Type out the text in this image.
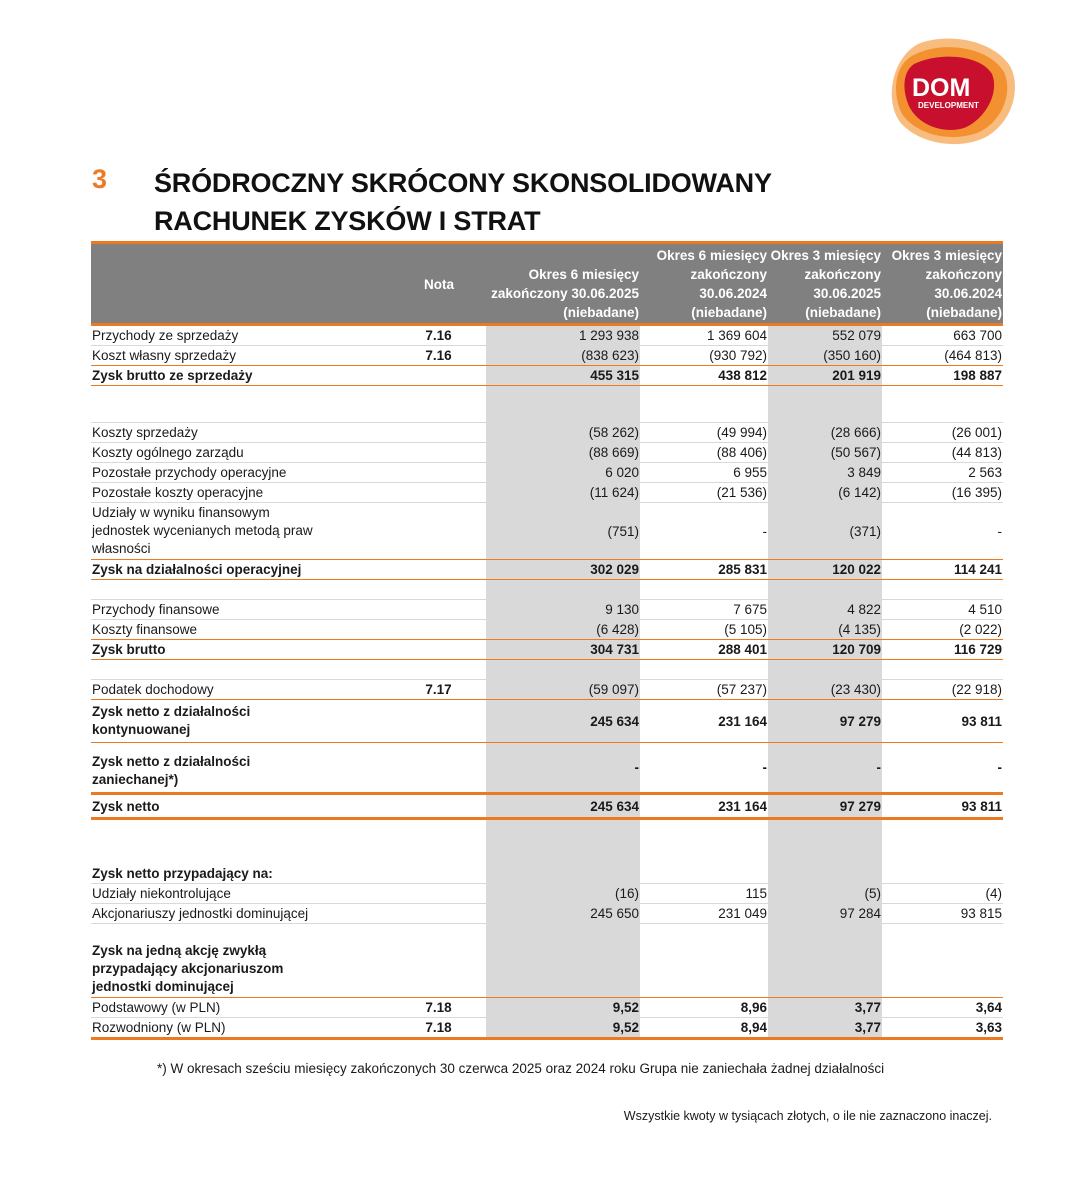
DOM
DEVELOPMENT
3 ŚRÓDROCZNY SKRÓCONY SKONSOLIDOWANY
RACHUNEK ZYSKÓW I STRAT

	Nota	
Okres 6 miesięcy
zakończony 30.06.2025
(niebadane)

Okres 6 miesięcy
zakończony
30.06.2024
(niebadane)

Okres 3 miesięcy
zakończony
30.06.2025
(niebadane)

Okres 3 miesięcy
zakończony
30.06.2024
(niebadane)

Przychody ze sprzedaży	7.16	1 293 938	1 369 604	552 079	663 700
Koszt własny sprzedaży	7.16	(838 623)	(930 792)	(350 160)	(464 813)
Zysk brutto ze sprzedaży		455 315	438 812	201 919	198 887

Koszty sprzedaży		(58 262)	(49 994)	(28 666)	(26 001)
Koszty ogólnego zarządu		(88 669)	(88 406)	(50 567)	(44 813)
Pozostałe przychody operacyjne		6 020	6 955	3 849	2 563
Pozostałe koszty operacyjne		(11 624)	(21 536)	(6 142)	(16 395)

Udziały w wyniku finansowym
jednostek wycenianych metodą praw
własności		(751)	-	(371)	-
Zysk na działalności operacyjnej		302 029	285 831	120 022	114 241

Przychody finansowe		9 130	7 675	4 822	4 510
Koszty finansowe		(6 428)	(5 105)	(4 135)	(2 022)
Zysk brutto		304 731	288 401	120 709	116 729

Podatek dochodowy	7.17	(59 097)	(57 237)	(23 430)	(22 918)

Zysk netto z działalności
kontynuowanej		245 634	231 164	97 279	93 811

Zysk netto z działalności
zaniechanej*)		-	-	-	-
Zysk netto		245 634	231 164	97 279	93 811

Zysk netto przypadający na:					
Udziały niekontrolujące		(16)	115	(5)	(4)
Akcjonariuszy jednostki dominującej		245 650	231 049	97 284	93 815

Zysk na jedną akcję zwykłą
przypadający akcjonariuszom
jednostki dominującej					

Podstawowy (w PLN)	7.18	9,52	8,96	3,77	3,64
Rozwodniony (w PLN)	7.18	9,52	8,94	3,77	3,63
*) W okresach sześciu miesięcy zakończonych 30 czerwca 2025 oraz 2024 roku Grupa nie zaniechała żadnej działalności
Wszystkie kwoty w tysiącach złotych, o ile nie zaznaczono inaczej.
